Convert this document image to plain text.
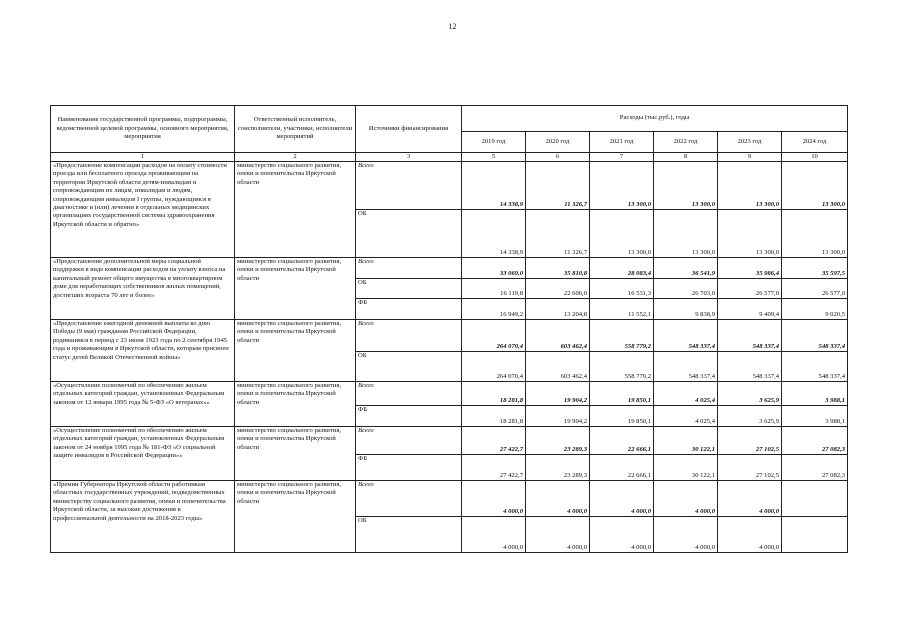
12
Наименование государственной программы, подпрограммы, ведомственной целевой программы, основного мероприятия, мероприятия	Ответственный исполнитель, соисполнители, участники, исполнители мероприятий	Источники финансирования	Расходы (тыс.руб.), годы					
			2019 год	2020 год	2021 год	2022 год	2023 год	2024 год
1	2	3	5	6	7	8	9	10
«Предоставление компенсации расходов на оплату стоимости проезда или бесплатного проезда проживающим на территории Иркутской области детям-инвалидам и сопровождающим их лицам, инвалидам и людям, сопровождающим инвалидов I группы, нуждающимся в диагностике и (или) лечении в отдельных медицинских организациях государственной системы здравоохранения Иркутской области и обратно»	министерство социального развития, опеки и попечительства Иркутской области	Всего	14 338,9	11 326,7	13 300,0	13 300,0	13 300,0	13 300,0
		ОБ	14 338,9	11 326,7	13 300,0	13 300,0	13 300,0	13 300,0
«Предоставление дополнительной меры социальной поддержки в виде компенсации расходов на уплату взноса на капитальный ремонт общего имущества в многоквартирном доме для неработающих собственников жилых помещений, достигших возраста 70 лет и более»	министерство социального развития, опеки и попечительства Иркутской области	Всего	33 069,0	35 810,8	28 083,4	36 541,9	35 986,4	35 597,5
		ОБ	16 119,8	22 606,0	16 531,3	26 703,0	26 577,0	26 577,0
		ФБ	16 949,2	13 204,8	11 552,1	9 838,9	9 409,4	9 020,5
«Предоставление ежегодной денежной выплаты ко дню Победы (9 мая) гражданам Российской Федерации, родившимся в период с 23 июня 1923 года по 2 сентября 1945 года и проживающим в Иркутской области, которым присвоен статус детей Великой Отечественной войны»	министерство социального развития, опеки и попечительства Иркутской области	Всего	264 070,4	603 462,4	558 779,2	548 337,4	548 337,4	548 337,4
		ОБ	264 070,4	603 462,4	558 779,2	548 337,4	548 337,4	548 337,4
«Осуществление полномочий по обеспечению жильем отдельных категорий граждан, установленных Федеральным законом от 12 января 1995 года № 5-ФЗ «О ветеранах»»	министерство социального развития, опеки и попечительства Иркутской области	Всего	18 281,8	19 904,2	19 850,1	4 025,4	3 625,9	3 988,1
		ФБ	18 281,8	19 904,2	19 850,1	4 025,4	3 625,9	3 988,1
«Осуществление полномочий по обеспечению жильем отдельных категорий граждан, установленных Федеральным законом от 24 ноября 1995 года № 181-ФЗ «О социальной защите инвалидов в Российской Федерации»»	министерство социального развития, опеки и попечительства Иркутской области	Всего	27 422,7	23 289,3	22 666,1	30 122,1	27 102,5	27 082,3
		ФБ	27 422,7	23 289,3	22 666,1	30 122,1	27 102,5	27 082,3
«Премии Губернатора Иркутской области работникам областных государственных учреждений, подведомственных министерству социального развития, опеки и попечительства Иркутской области, за высокие достижения в профессиональной деятельности на 2018-2023 годы»	министерство социального развития, опеки и попечительства Иркутской области	Всего	4 000,0	4 000,0	4 000,0	4 000,0	4 000,0	
		ОБ	4 000,0	4 000,0	4 000,0	4 000,0	4 000,0	
